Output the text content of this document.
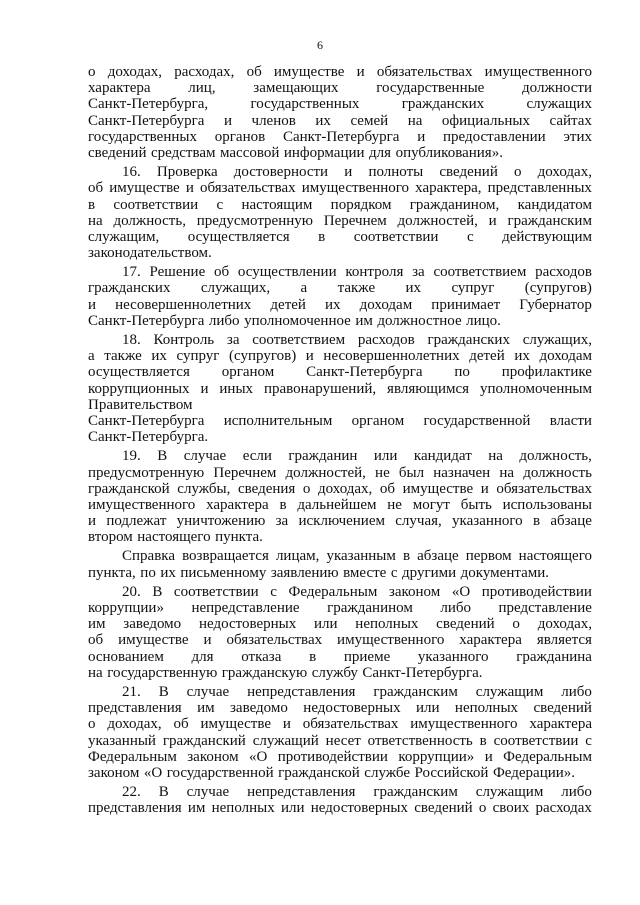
6
о доходах, расходах, об имуществе и обязательствах имущественного
характера	лиц,	замещающих	государственные	должности
Санкт-Петербурга,	государственных	гражданских	служащих
Санкт-Петербурга и членов их семей на официальных сайтах
государственных органов Санкт-Петербурга и предоставлении этих
сведений средствам массовой информации для опубликования».
16. Проверка достоверности и полноты сведений о доходах,
об имуществе и обязательствах имущественного характера, представленных
в соответствии с настоящим порядком гражданином, кандидатом
на должность, предусмотренную Перечнем должностей, и гражданским
служащим, осуществляется в соответствии с действующим
законодательством.
17. Решение об осуществлении контроля за соответствием расходов
гражданских служащих, а также их супруг (супругов)
и несовершеннолетних детей их доходам принимает Губернатор
Санкт-Петербурга либо уполномоченное им должностное лицо.
18. Контроль за соответствием расходов гражданских служащих,
а также их супруг (супругов) и несовершеннолетних детей их доходам
осуществляется органом Санкт-Петербурга по профилактике
коррупционных и иных правонарушений, являющимся уполномоченным
Правительством
Санкт-Петербурга исполнительным органом государственной власти
Санкт-Петербурга.
19. В случае если гражданин или кандидат на должность,
предусмотренную Перечнем должностей, не был назначен на должность
гражданской службы, сведения о доходах, об имуществе и обязательствах
имущественного характера в дальнейшем не могут быть использованы
и подлежат уничтожению за исключением случая, указанного в абзаце
втором настоящего пункта.
Справка возвращается лицам, указанным в абзаце первом настоящего
пункта, по их письменному заявлению вместе с другими документами.
20. В соответствии с Федеральным законом «О противодействии
коррупции» непредставление гражданином либо представление
им заведомо недостоверных или неполных сведений о доходах,
об имуществе и обязательствах имущественного характера является
основанием для отказа в приеме указанного гражданина
на государственную гражданскую службу Санкт-Петербурга.
21. В случае непредставления гражданским служащим либо
представления им заведомо недостоверных или неполных сведений
о доходах, об имуществе и обязательствах имущественного характера
указанный гражданский служащий несет ответственность в соответствии с
Федеральным законом «О противодействии коррупции» и Федеральным
законом «О государственной гражданской службе Российской Федерации».
22. В случае непредставления гражданским служащим либо
представления им неполных или недостоверных сведений о своих расходах
